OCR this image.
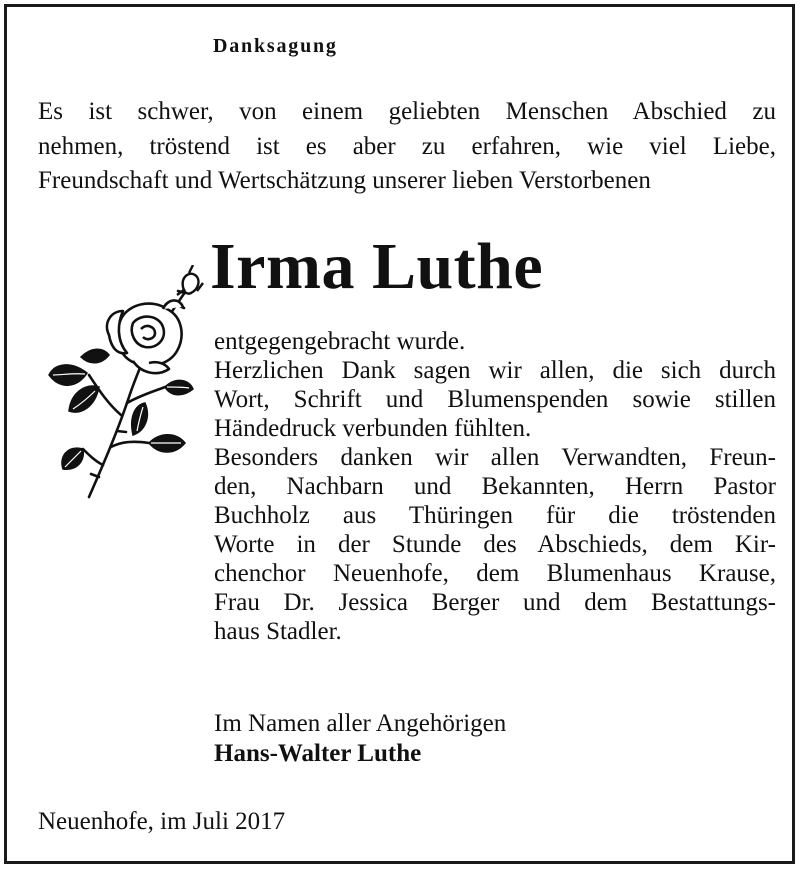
Danksagung
Es ist schwer, von einem geliebten Menschen Abschied zu
nehmen, tröstend ist es aber zu erfahren, wie viel Liebe,
Freundschaft und Wertschätzung unserer lieben Verstorbenen
Irma Luthe
entgegengebracht wurde.
Herzlichen Dank sagen wir allen, die sich durch
Wort, Schrift und Blumenspenden sowie stillen
Händedruck verbunden fühlten.
Besonders danken wir allen Verwandten, Freun-
den, Nachbarn und Bekannten, Herrn Pastor
Buchholz aus Thüringen für die tröstenden
Worte in der Stunde des Abschieds, dem Kir-
chenchor Neuenhofe, dem Blumenhaus Krause,
Frau Dr. Jessica Berger und dem Bestattungs-
haus Stadler.
Im Namen aller Angehörigen
Hans-Walter Luthe
Neuenhofe, im Juli 2017
